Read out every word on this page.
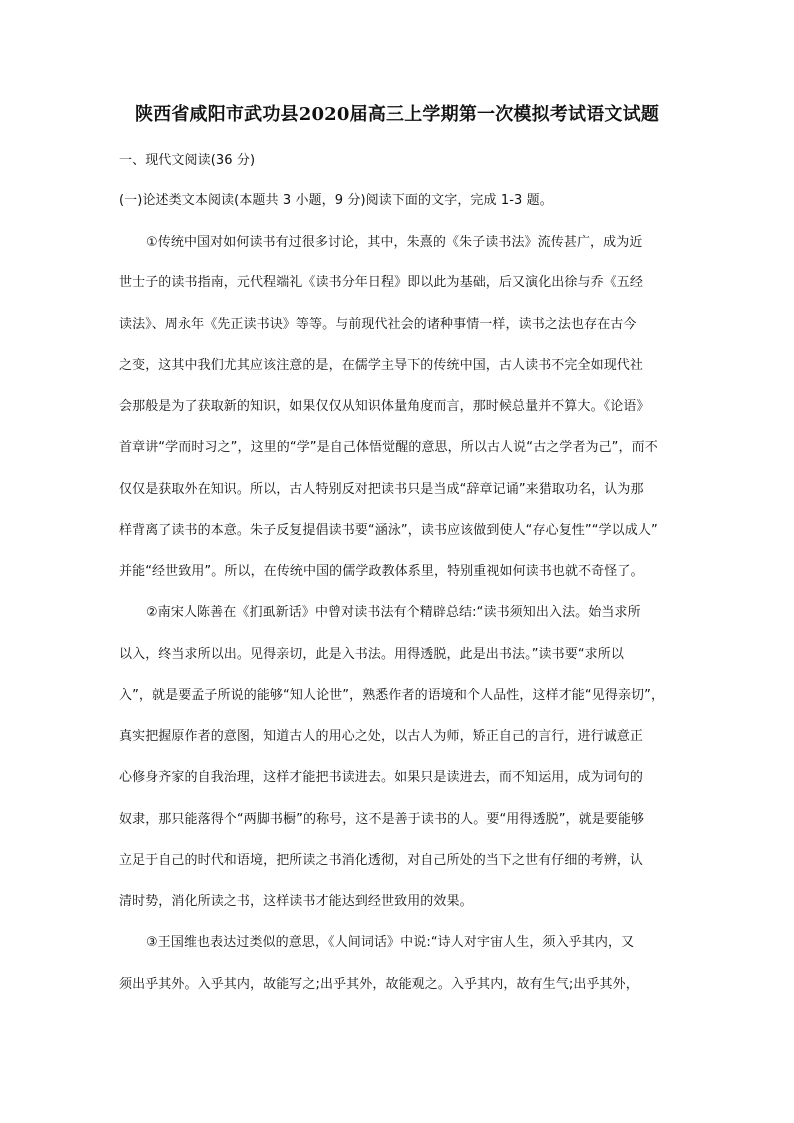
陕西省咸阳市武功县2020届高三上学期第一次模拟考试语文试题
一、现代文阅读(36 分)
(一)论述类文本阅读(本题共 3 小题，9 分)阅读下面的文字，完成 1-3 题。
①传统中国对如何读书有过很多讨论，其中，朱熹的《朱子读书法》流传甚广，成为近
世士子的读书指南，元代程端礼《读书分年日程》即以此为基础，后又演化出徐与乔《五经
读法》、周永年《先正读书诀》等等。与前现代社会的诸种事情一样，读书之法也存在古今
之变，这其中我们尤其应该注意的是，在儒学主导下的传统中国，古人读书不完全如现代社
会那般是为了获取新的知识，如果仅仅从知识体量角度而言，那时候总量并不算大。《论语》
首章讲“学而时习之”，这里的“学”是自己体悟觉醒的意思，所以古人说“古之学者为己”，而不
仅仅是获取外在知识。所以，古人特别反对把读书只是当成“辞章记诵”来猎取功名，认为那
样背离了读书的本意。朱子反复提倡读书要“涵泳”，读书应该做到使人“存心复性”“学以成人”
并能“经世致用”。所以，在传统中国的儒学政教体系里，特别重视如何读书也就不奇怪了。
②南宋人陈善在《扪虱新话》中曾对读书法有个精辟总结:“读书须知出入法。始当求所
以入，终当求所以出。见得亲切，此是入书法。用得透脱，此是出书法。”读书要“求所以
入”，就是要孟子所说的能够“知人论世”，熟悉作者的语境和个人品性，这样才能“见得亲切”，
真实把握原作者的意图，知道古人的用心之处，以古人为师，矫正自己的言行，进行诚意正
心修身齐家的自我治理，这样才能把书读进去。如果只是读进去，而不知运用，成为词句的
奴隶，那只能落得个“两脚书橱”的称号，这不是善于读书的人。要“用得透脱”，就是要能够
立足于自己的时代和语境，把所读之书消化透彻，对自己所处的当下之世有仔细的考辨，认
清时势，消化所读之书，这样读书才能达到经世致用的效果。
③王国维也表达过类似的意思，《人间词话》中说:“诗人对宇宙人生，须入乎其内，又
须出乎其外。入乎其内，故能写之;出乎其外，故能观之。入乎其内，故有生气;出乎其外，
